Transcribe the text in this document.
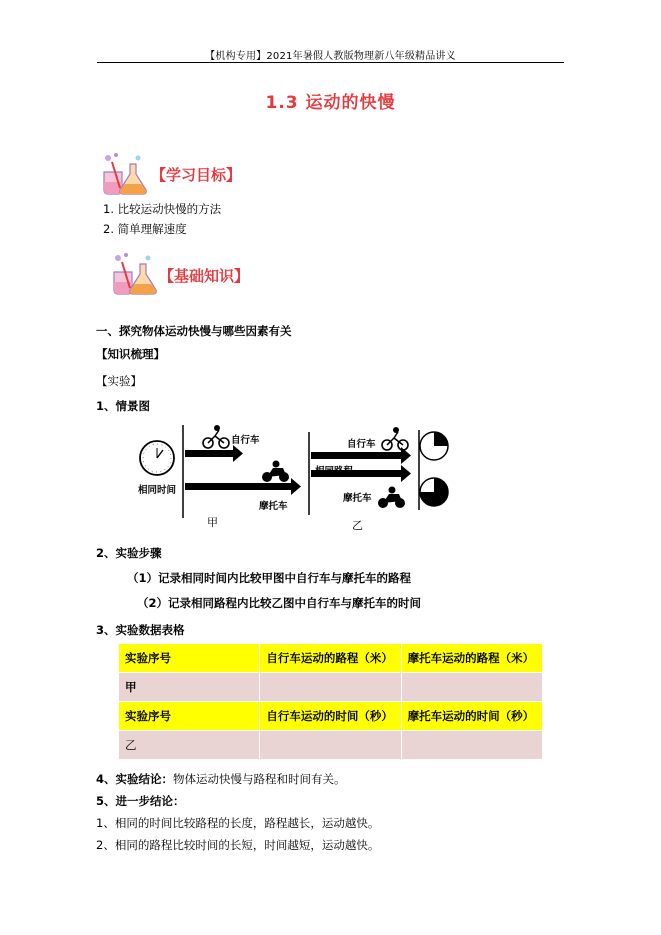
【机构专用】2021年暑假人教版物理新八年级精品讲义
1.3 运动的快慢
【学习目标】
1. 比较运动快慢的方法
2. 简单理解速度
【基础知识】
一、探究物体运动快慢与哪些因素有关
【知识梳理】
【实验】
1、情景图
相同时间
自行车
摩托车
甲
自行车
相同路程
摩托车
乙
2、实验步骤
（1）记录相同时间内比较甲图中自行车与摩托车的路程
（2）记录相同路程内比较乙图中自行车与摩托车的时间
3、实验数据表格
实验序号	自行车运动的路程（米）	摩托车运动的路程（米）
甲		
实验序号	自行车运动的时间（秒）	摩托车运动的时间（秒）
乙		
4、实验结论：物体运动快慢与路程和时间有关。
5、进一步结论：
1、相同的时间比较路程的长度，路程越长，运动越快。
2、相同的路程比较时间的长短，时间越短，运动越快。
